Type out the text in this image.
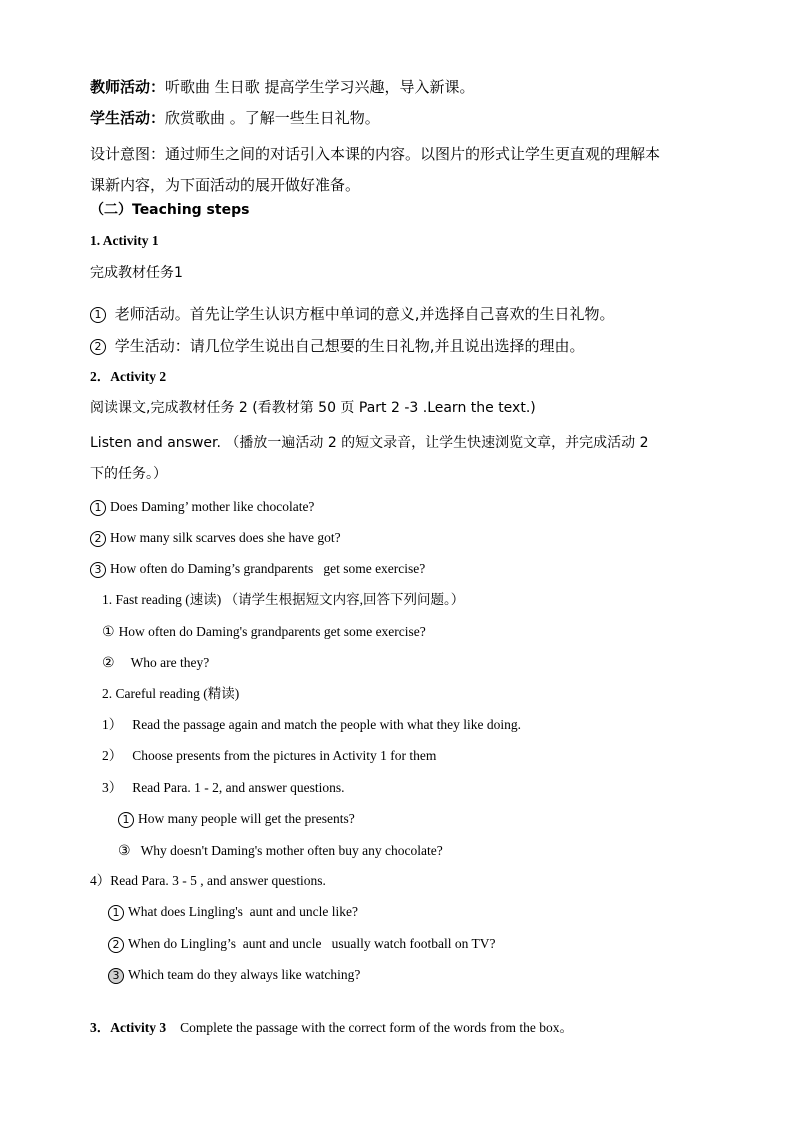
教师活动：听歌曲 生日歌 提高学生学习兴趣，导入新课。
学生活动：欣赏歌曲 。了解一些生日礼物。
设计意图：通过师生之间的对话引入本课的内容。以图片的形式让学生更直观的理解本
课新内容，为下面活动的展开做好准备。
（二）Teaching steps
1. Activity 1
完成教材任务1
1 老师活动。首先让学生认识方框中单词的意义,并选择自己喜欢的生日礼物。
2 学生活动：请几位学生说出自己想要的生日礼物,并且说出选择的理由。
2．Activity 2
阅读课文,完成教材任务 2 (看教材第 50 页 Part 2 -3 .Learn the text.)
Listen and answer. （播放一遍活动 2 的短文录音，让学生快速浏览文章，并完成活动 2
下的任务。）
1 Does Daming’ mother like chocolate?
2 How many silk scarves does she have got?
3 How often do Daming’s grandparents   get some exercise?
1. Fast reading (速读) （请学生根据短文内容,回答下列问题。）
① How often do Daming's grandparents get some exercise?
② Who are they?
2. Careful reading (精读)
1） Read the passage again and match the people with what they like doing.
2） Choose presents from the pictures in Activity 1 for them
3） Read Para. 1 - 2, and answer questions.
1 How many people will get the presents?
③ Why doesn't Daming's mother often buy any chocolate?
4）Read Para. 3 - 5 , and answer questions.
1 What does Lingling's  aunt and uncle like?
2 When do Lingling’s  aunt and uncle   usually watch football on TV?
3 Which team do they always like watching?
3．Activity 3 Complete the passage with the correct form of the words from the box。
